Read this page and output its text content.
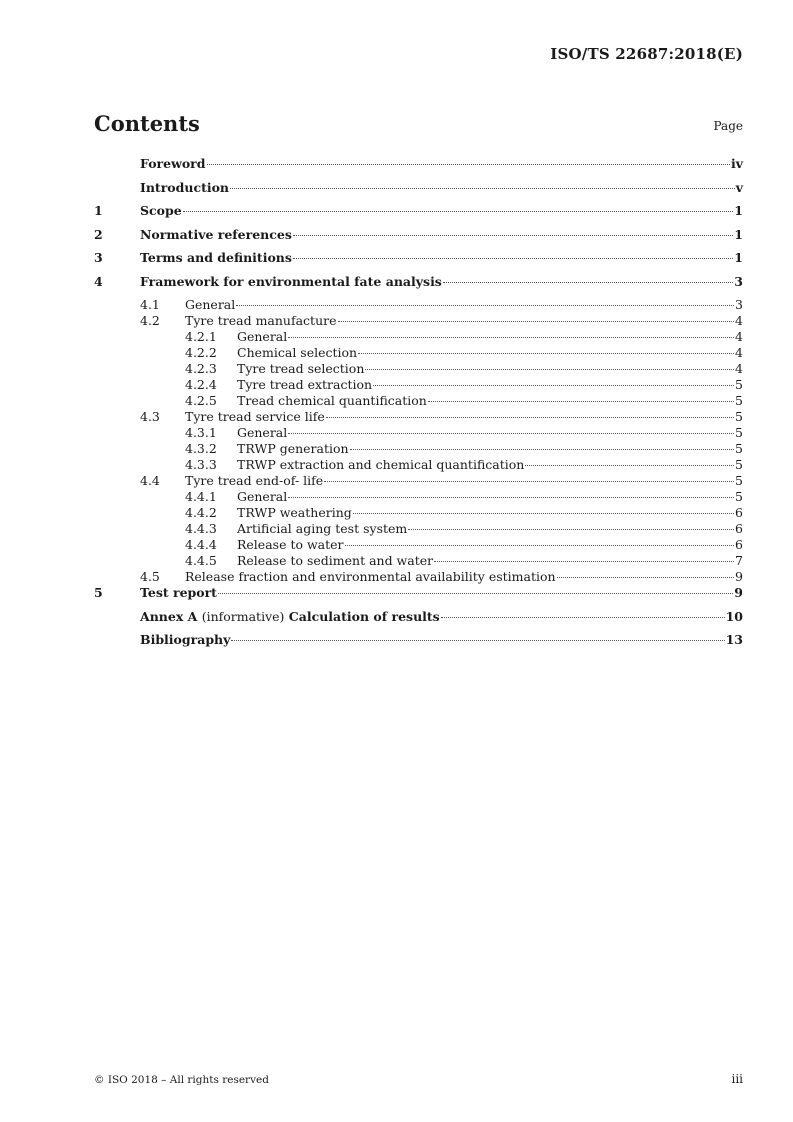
ISO/TS 22687:2018(E)
Contents	Page
Foreword	iv
Introduction	v
1	Scope	1
2	Normative references	1
3	Terms and definitions	1
4	Framework for environmental fate analysis	3
4.1	General	3
4.2	Tyre tread manufacture	4
4.2.1	General	4
4.2.2	Chemical selection	4
4.2.3	Tyre tread selection	4
4.2.4	Tyre tread extraction	5
4.2.5	Tread chemical quantification	5
4.3	Tyre tread service life	5
4.3.1	General	5
4.3.2	TRWP generation	5
4.3.3	TRWP extraction and chemical quantification	5
4.4	Tyre tread end-of- life	5
4.4.1	General	5
4.4.2	TRWP weathering	6
4.4.3	Artificial aging test system	6
4.4.4	Release to water	6
4.4.5	Release to sediment and water	7
4.5	Release fraction and environmental availability estimation	9
5	Test report	9
Annex A (informative) Calculation of results	10
Bibliography	13
© ISO 2018 – All rights reserved	iii
